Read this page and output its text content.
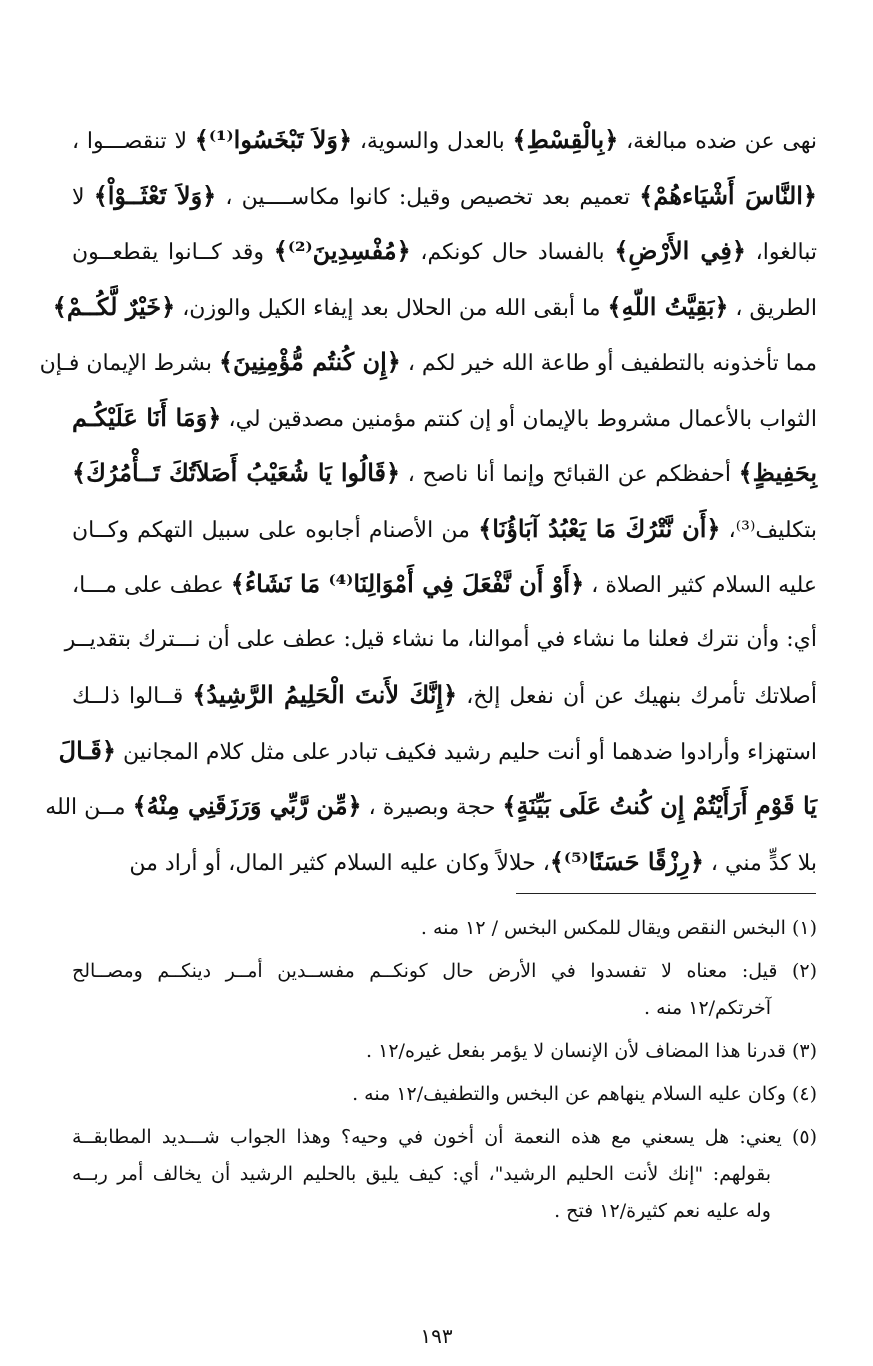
نهى عن ضده مبالغة، ﴿بِالْقِسْطِ﴾ بالعدل والسوية، ﴿وَلاَ تَبْخَسُوا⁽¹⁾﴾ لا تنقصـــوا ،
﴿النَّاسَ أَشْيَاءهُمْ﴾ تعميم بعد تخصيص وقيل: كانوا مكاســــين ، ﴿وَلاَ تَعْثَــوْاْ﴾ لا
تبالغوا، ﴿فِي الأَرْضِ﴾ بالفساد حال كونكم، ﴿مُفْسِدِينَ⁽²⁾﴾ وقد كــانوا يقطعــون
الطريق ، ﴿بَقِيَّتُ اللّهِ﴾ ما أبقى الله من الحلال بعد إيفاء الكيل والوزن، ﴿خَيْرٌ لَّكُــمْ﴾
مما تأخذونه بالتطفيف أو طاعة الله خير لكم ، ﴿إِن كُنتُم مُّؤْمِنِينَ﴾ بشرط الإيمان فـإن
الثواب بالأعمال مشروط بالإيمان أو إن كنتم مؤمنين مصدقين لي، ﴿وَمَا أَنَا عَلَيْكُـم
بِحَفِيظٍ﴾ أحفظكم عن القبائح وإنما أنا ناصح ، ﴿قَالُوا يَا شُعَيْبُ أَصَلاَتُكَ تَــأْمُرُكَ﴾
بتكليف⁽³⁾، ﴿أَن نَّتْرُكَ مَا يَعْبُدُ آبَاؤُنَا﴾ من الأصنام أجابوه على سبيل التهكم وكــان
عليه السلام كثير الصلاة ، ﴿أَوْ أَن نَّفْعَلَ فِي أَمْوَالِنَا⁽⁴⁾ مَا نَشَاءُ﴾ عطف على مـــا،
أي: وأن نترك فعلنا ما نشاء في أموالنا، ما نشاء قيل: عطف على أن نـــترك بتقديــر
أصلاتك تأمرك بنهيك عن أن نفعل إلخ، ﴿إِنَّكَ لأَنتَ الْحَلِيمُ الرَّشِيدُ﴾ قــالوا ذلــك
استهزاء وأرادوا ضدهما أو أنت حليم رشيد فكيف تبادر على مثل كلام المجانين ﴿قَـالَ
يَا قَوْمِ أَرَأَيْتُمْ إِن كُنتُ عَلَى بَيِّنَةٍ﴾ حجة وبصيرة ، ﴿مِّن رَّبِّي وَرَزَقَنِي مِنْهُ﴾ مــن الله
بلا كدٍّ مني ، ﴿رِزْقًا حَسَنًا⁽⁵⁾﴾، حلالاً وكان عليه السلام كثير المال، أو أراد من
(١) البخس النقص ويقال للمكس البخس / ١٢ منه .
(٢) قيل: معناه لا تفسدوا في الأرض حال كونكــم مفســدين أمــر دينكــم ومصــالح
آخرتكم/١٢ منه .
(٣) قدرنا هذا المضاف لأن الإنسان لا يؤمر بفعل غيره/١٢ .
(٤) وكان عليه السلام ينهاهم عن البخس والتطفيف/١٢ منه .
(٥) يعني: هل يسعني مع هذه النعمة أن أخون في وحيه؟ وهذا الجواب شـــديد المطابقــة
بقولهم: "إنك لأنت الحليم الرشيد"، أي: كيف يليق بالحليم الرشيد أن يخالف أمر ربــه
وله عليه نعم كثيرة/١٢ فتح .
١٩٣
